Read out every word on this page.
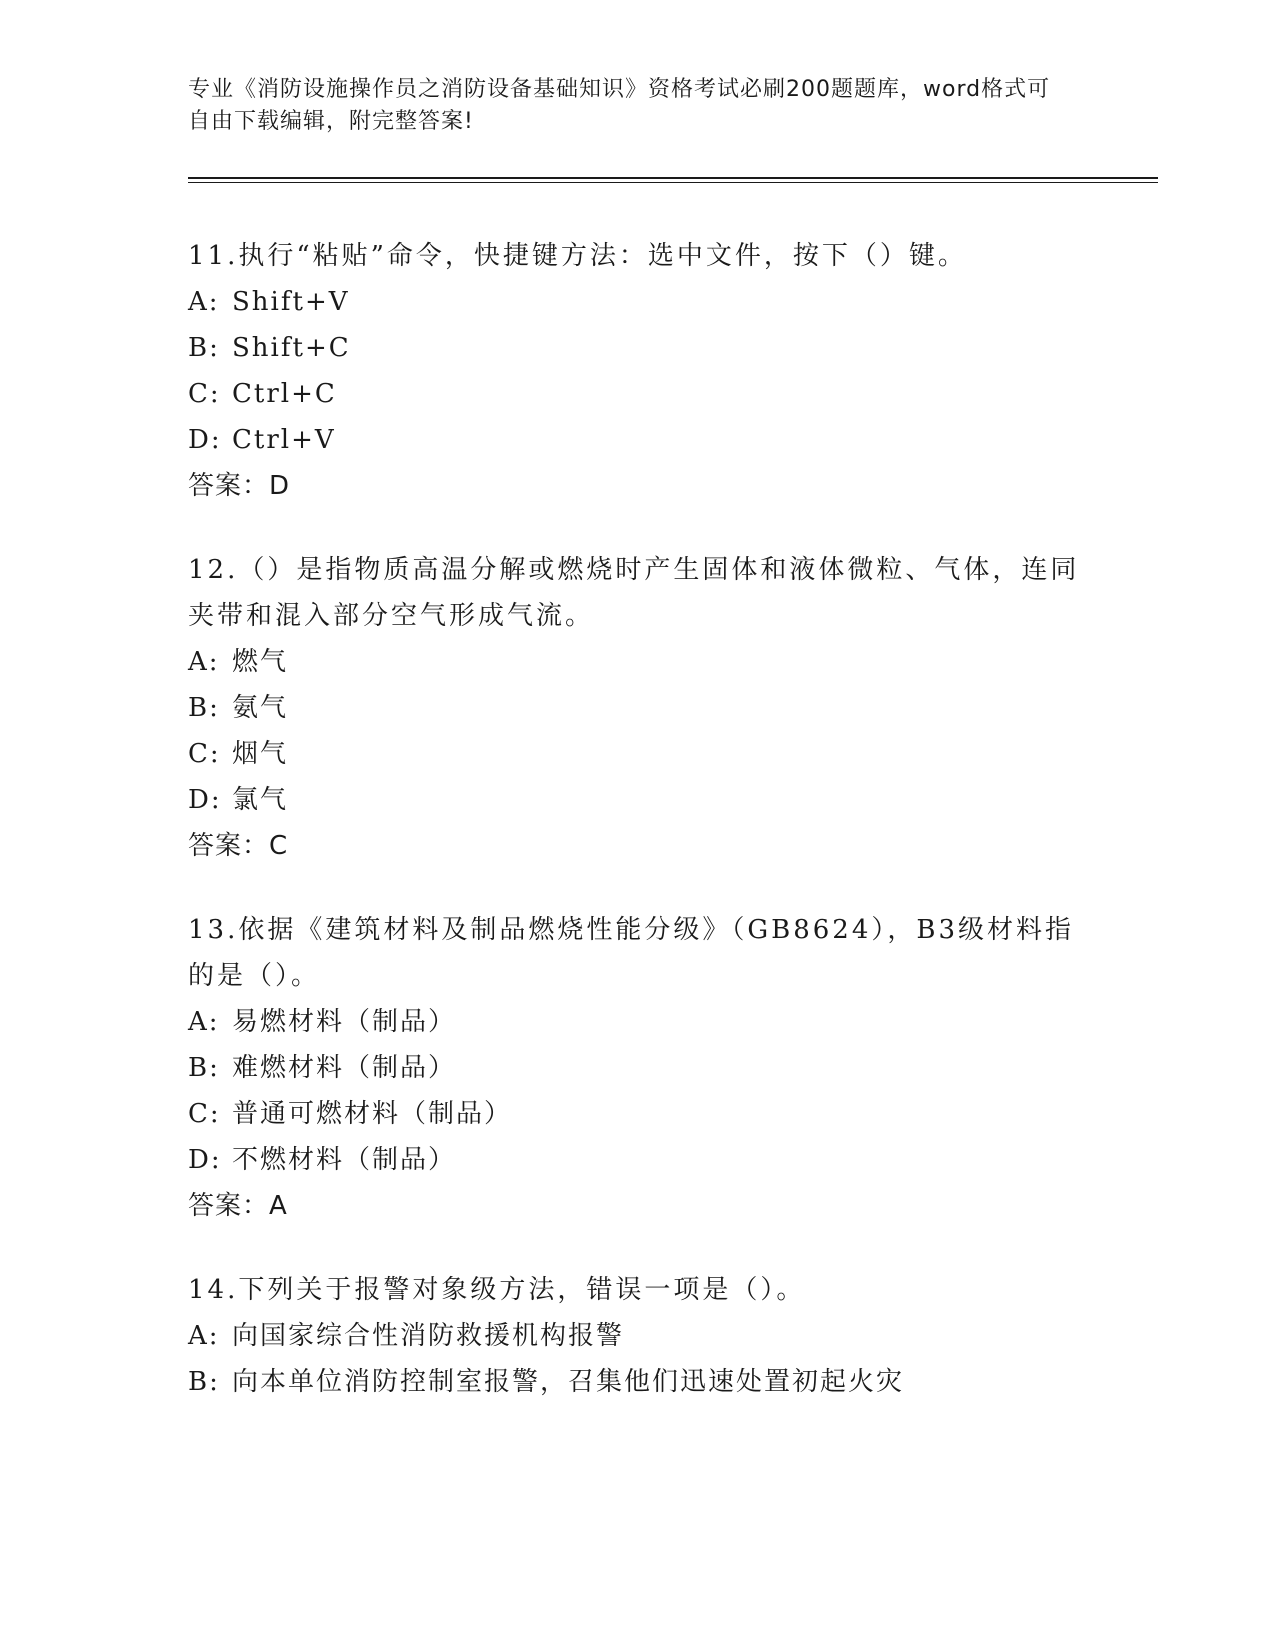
专业《消防设施操作员之消防设备基础知识》资格考试必刷200题题库，word格式可自由下载编辑，附完整答案!
11.执行“粘贴”命令，快捷键方法：选中文件，按下（）键。
A: Shift+V
B: Shift+C
C: Ctrl+C
D: Ctrl+V
答案：D
12.（）是指物质高温分解或燃烧时产生固体和液体微粒、气体，连同夹带和混入部分空气形成气流。
A: 燃气
B: 氨气
C: 烟气
D: 氯气
答案：C
13.依据《建筑材料及制品燃烧性能分级》（GB8624），B3级材料指的是（）。
A: 易燃材料（制品）
B: 难燃材料（制品）
C: 普通可燃材料（制品）
D: 不燃材料（制品）
答案：A
14.下列关于报警对象级方法，错误一项是（）。
A: 向国家综合性消防救援机构报警
B: 向本单位消防控制室报警，召集他们迅速处置初起火灾
